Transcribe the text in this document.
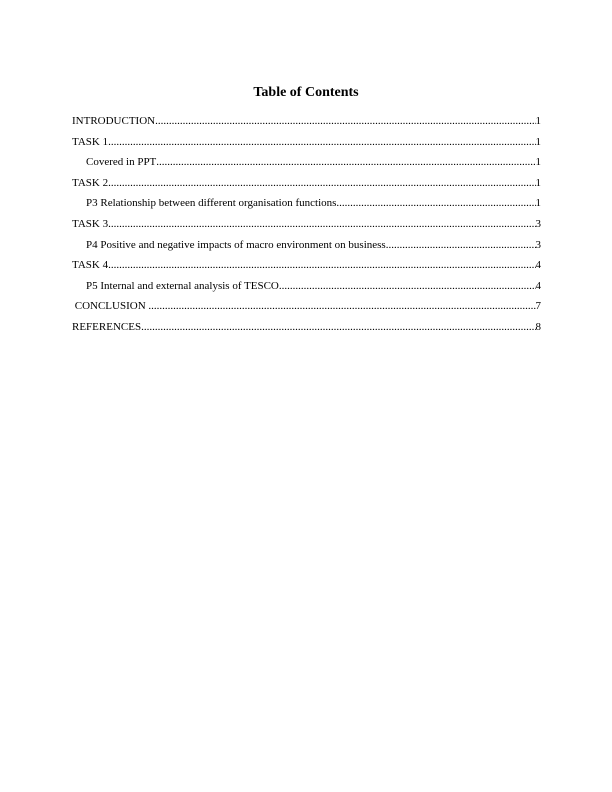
Table of Contents
INTRODUCTION .....	1
TASK 1 .....	1
Covered in PPT .....	1
TASK 2 .....	1
P3 Relationship between different organisation functions .....	1
TASK 3 .....	3
P4 Positive and negative impacts of macro environment on business .....	3
TASK 4 .....	4
P5 Internal and external analysis of TESCO .....	4
CONCLUSION .....	7
REFERENCES .....	8
